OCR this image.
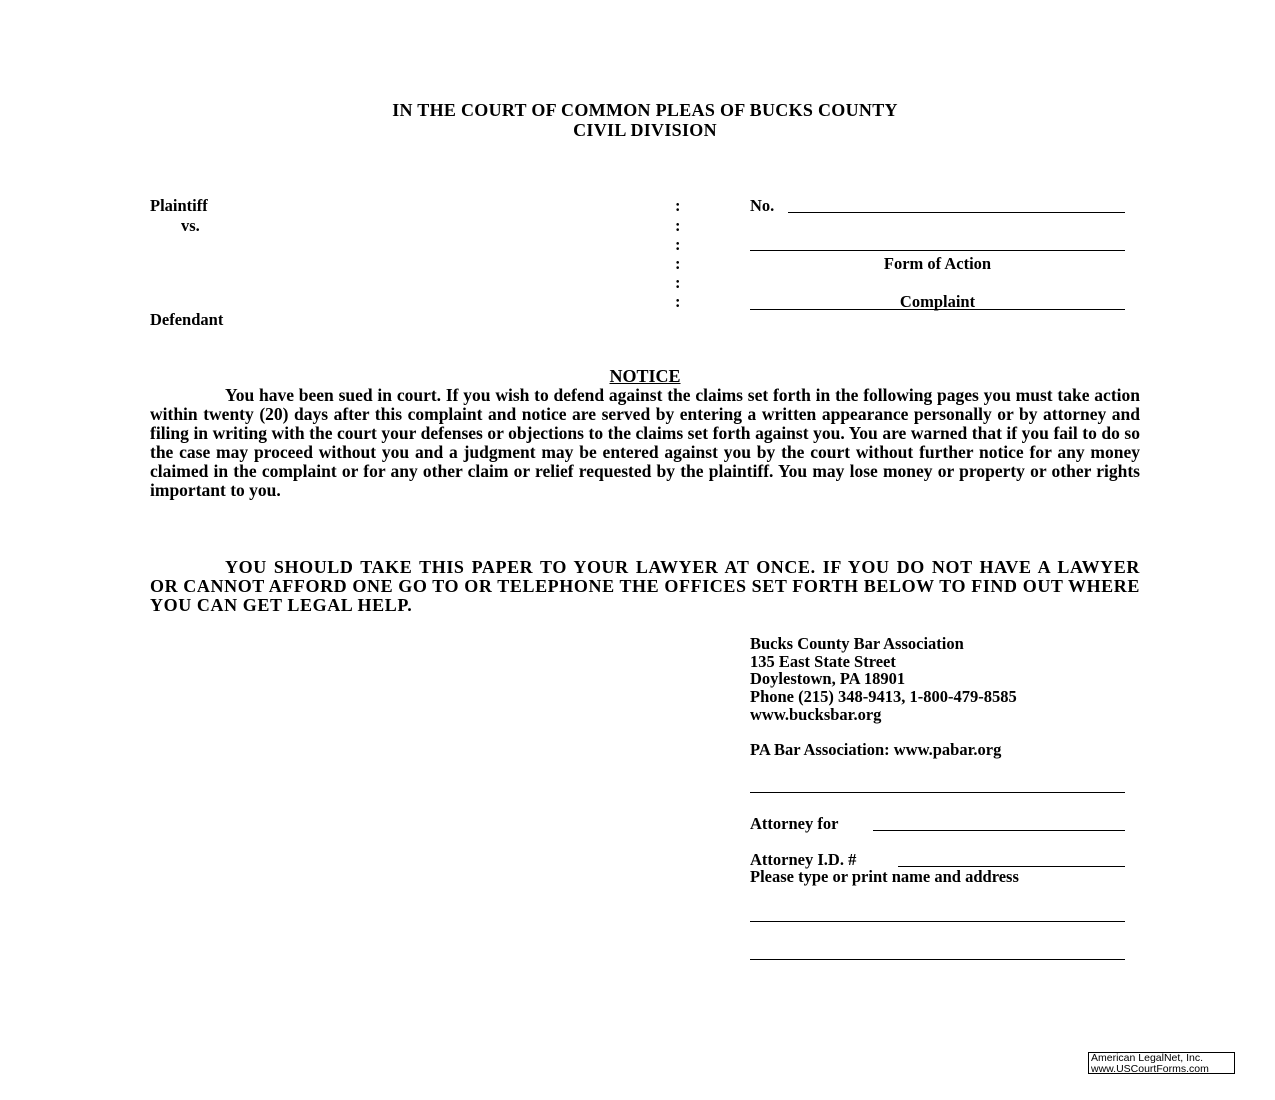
IN THE COURT OF COMMON PLEAS OF BUCKS COUNTY
CIVIL DIVISION
Plaintiff
vs.
Defendant
:
:
:
:
:
:
No.
Form of Action
Complaint
NOTICE
You have been sued in court. If you wish to defend against the claims set forth in the following pages you must take action within twenty (20) days after this complaint and notice are served by entering a written appearance personally or by attorney and filing in writing with the court your defenses or objections to the claims set forth against you. You are warned that if you fail to do so the case may proceed without you and a judgment may be entered against you by the court without further notice for any money claimed in the complaint or for any other claim or relief requested by the plaintiff. You may lose money or property or other rights important to you.
YOU SHOULD TAKE THIS PAPER TO YOUR LAWYER AT ONCE. IF YOU DO NOT HAVE A LAWYER OR CANNOT AFFORD ONE GO TO OR TELEPHONE THE OFFICES SET FORTH BELOW TO FIND OUT WHERE YOU CAN GET LEGAL HELP.
Bucks County Bar Association
135 East State Street
Doylestown, PA 18901
Phone (215) 348-9413, 1-800-479-8585
www.bucksbar.org
PA Bar Association: www.pabar.org
Attorney for
Attorney I.D. #
Please type or print name and address
American LegalNet, Inc.
www.USCourtForms.com
